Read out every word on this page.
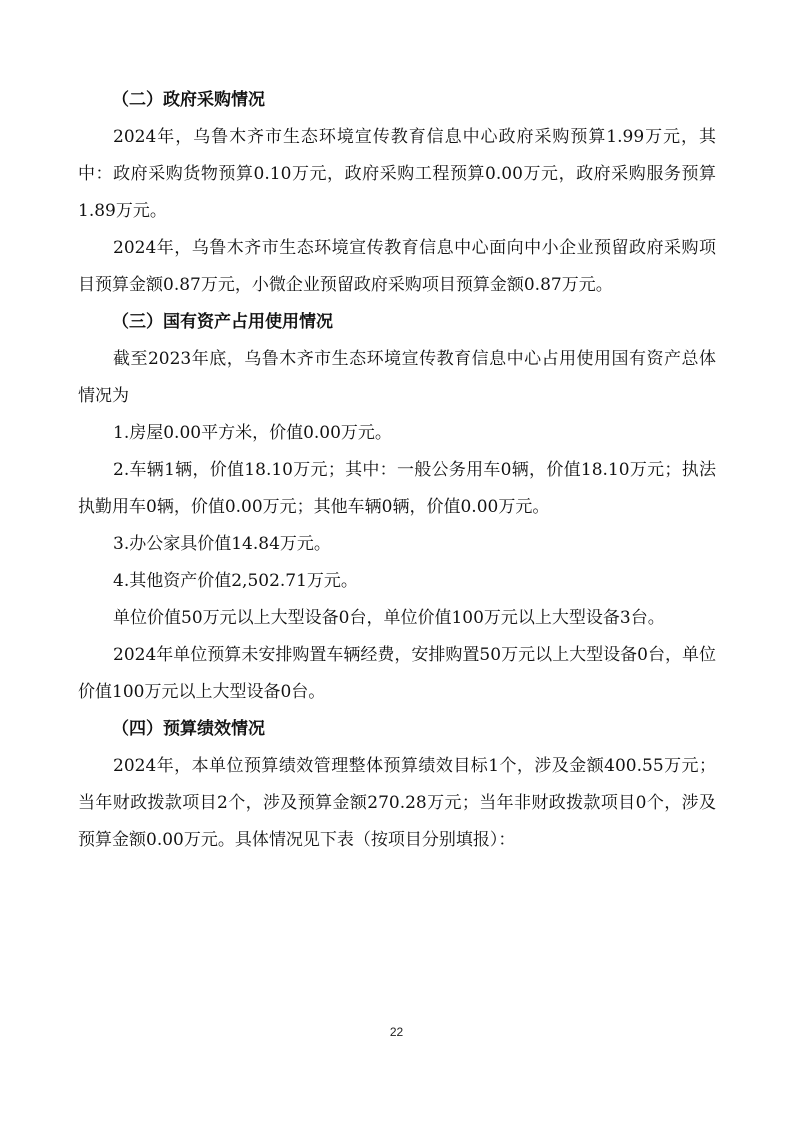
（二）政府采购情况

2024年，乌鲁木齐市生态环境宣传教育信息中心政府采购预算1.99万元，其中：政府采购货物预算0.10万元，政府采购工程预算0.00万元，政府采购服务预算1.89万元。

2024年，乌鲁木齐市生态环境宣传教育信息中心面向中小企业预留政府采购项目预算金额0.87万元，小微企业预留政府采购项目预算金额0.87万元。

（三）国有资产占用使用情况

截至2023年底，乌鲁木齐市生态环境宣传教育信息中心占用使用国有资产总体情况为

1.房屋0.00平方米，价值0.00万元。

2.车辆1辆，价值18.10万元；其中：一般公务用车0辆，价值18.10万元；执法执勤用车0辆，价值0.00万元；其他车辆0辆，价值0.00万元。

3.办公家具价值14.84万元。

4.其他资产价值2,502.71万元。

单位价值50万元以上大型设备0台，单位价值100万元以上大型设备3台。

2024年单位预算未安排购置车辆经费，安排购置50万元以上大型设备0台，单位价值100万元以上大型设备0台。

（四）预算绩效情况

2024年，本单位预算绩效管理整体预算绩效目标1个，涉及金额400.55万元；当年财政拨款项目2个，涉及预算金额270.28万元；当年非财政拨款项目0个，涉及预算金额0.00万元。具体情况见下表（按项目分别填报）：

22
